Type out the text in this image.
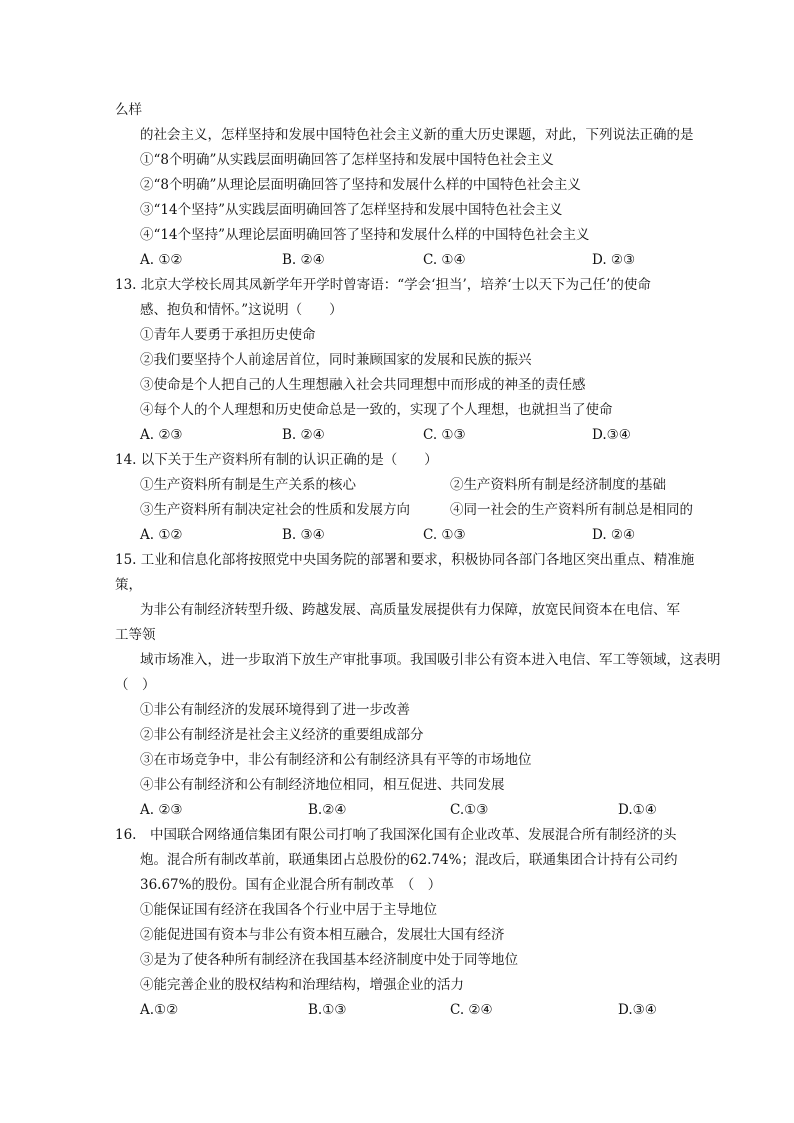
么样
的社会主义，怎样坚持和发展中国特色社会主义新的重大历史课题，对此，下列说法正确的是
①“8个明确”从实践层面明确回答了怎样坚持和发展中国特色社会主义
②“8个明确”从理论层面明确回答了坚持和发展什么样的中国特色社会主义
③“14个坚持”从实践层面明确回答了怎样坚持和发展中国特色社会主义
④“14个坚持”从理论层面明确回答了坚持和发展什么样的中国特色社会主义
A. ①②	B. ②④	C. ①④	D. ②③
13. 北京大学校长周其凤新学年开学时曾寄语：“学会‘担当’，培养‘士以天下为己任’的使命
感、抱负和情怀。”这说明（　　）
①青年人要勇于承担历史使命
②我们要坚持个人前途居首位，同时兼顾国家的发展和民族的振兴
③使命是个人把自己的人生理想融入社会共同理想中而形成的神圣的责任感
④每个人的个人理想和历史使命总是一致的，实现了个人理想，也就担当了使命
A. ②③	B. ②④	C. ①③	D.③④
14. 以下关于生产资料所有制的认识正确的是（　　）
①生产资料所有制是生产关系的核心	②生产资料所有制是经济制度的基础
③生产资料所有制决定社会的性质和发展方向	④同一社会的生产资料所有制总是相同的
A. ①②	B. ③④	C. ①③	D. ②④
15. 工业和信息化部将按照党中央国务院的部署和要求，积极协同各部门各地区突出重点、精准施
策，
为非公有制经济转型升级、跨越发展、高质量发展提供有力保障，放宽民间资本在电信、军
工等领
域市场准入，进一步取消下放生产审批事项。我国吸引非公有资本进入电信、军工等领域，这表明
（　）
①非公有制经济的发展环境得到了进一步改善
②非公有制经济是社会主义经济的重要组成部分
③在市场竞争中，非公有制经济和公有制经济具有平等的市场地位
④非公有制经济和公有制经济地位相同，相互促进、共同发展
A. ②③	B.②④	C.①③	D.①④
16.　中国联合网络通信集团有限公司打响了我国深化国有企业改革、发展混合所有制经济的头
炮。混合所有制改革前，联通集团占总股份的62.74%；混改后，联通集团合计持有公司约
36.67%的股份。国有企业混合所有制改革　（　）
①能保证国有经济在我国各个行业中居于主导地位
②能促进国有资本与非公有资本相互融合，发展壮大国有经济
③是为了使各种所有制经济在我国基本经济制度中处于同等地位
④能完善企业的股权结构和治理结构，增强企业的活力
A.①②	B.①③	C. ②④	D.③④
